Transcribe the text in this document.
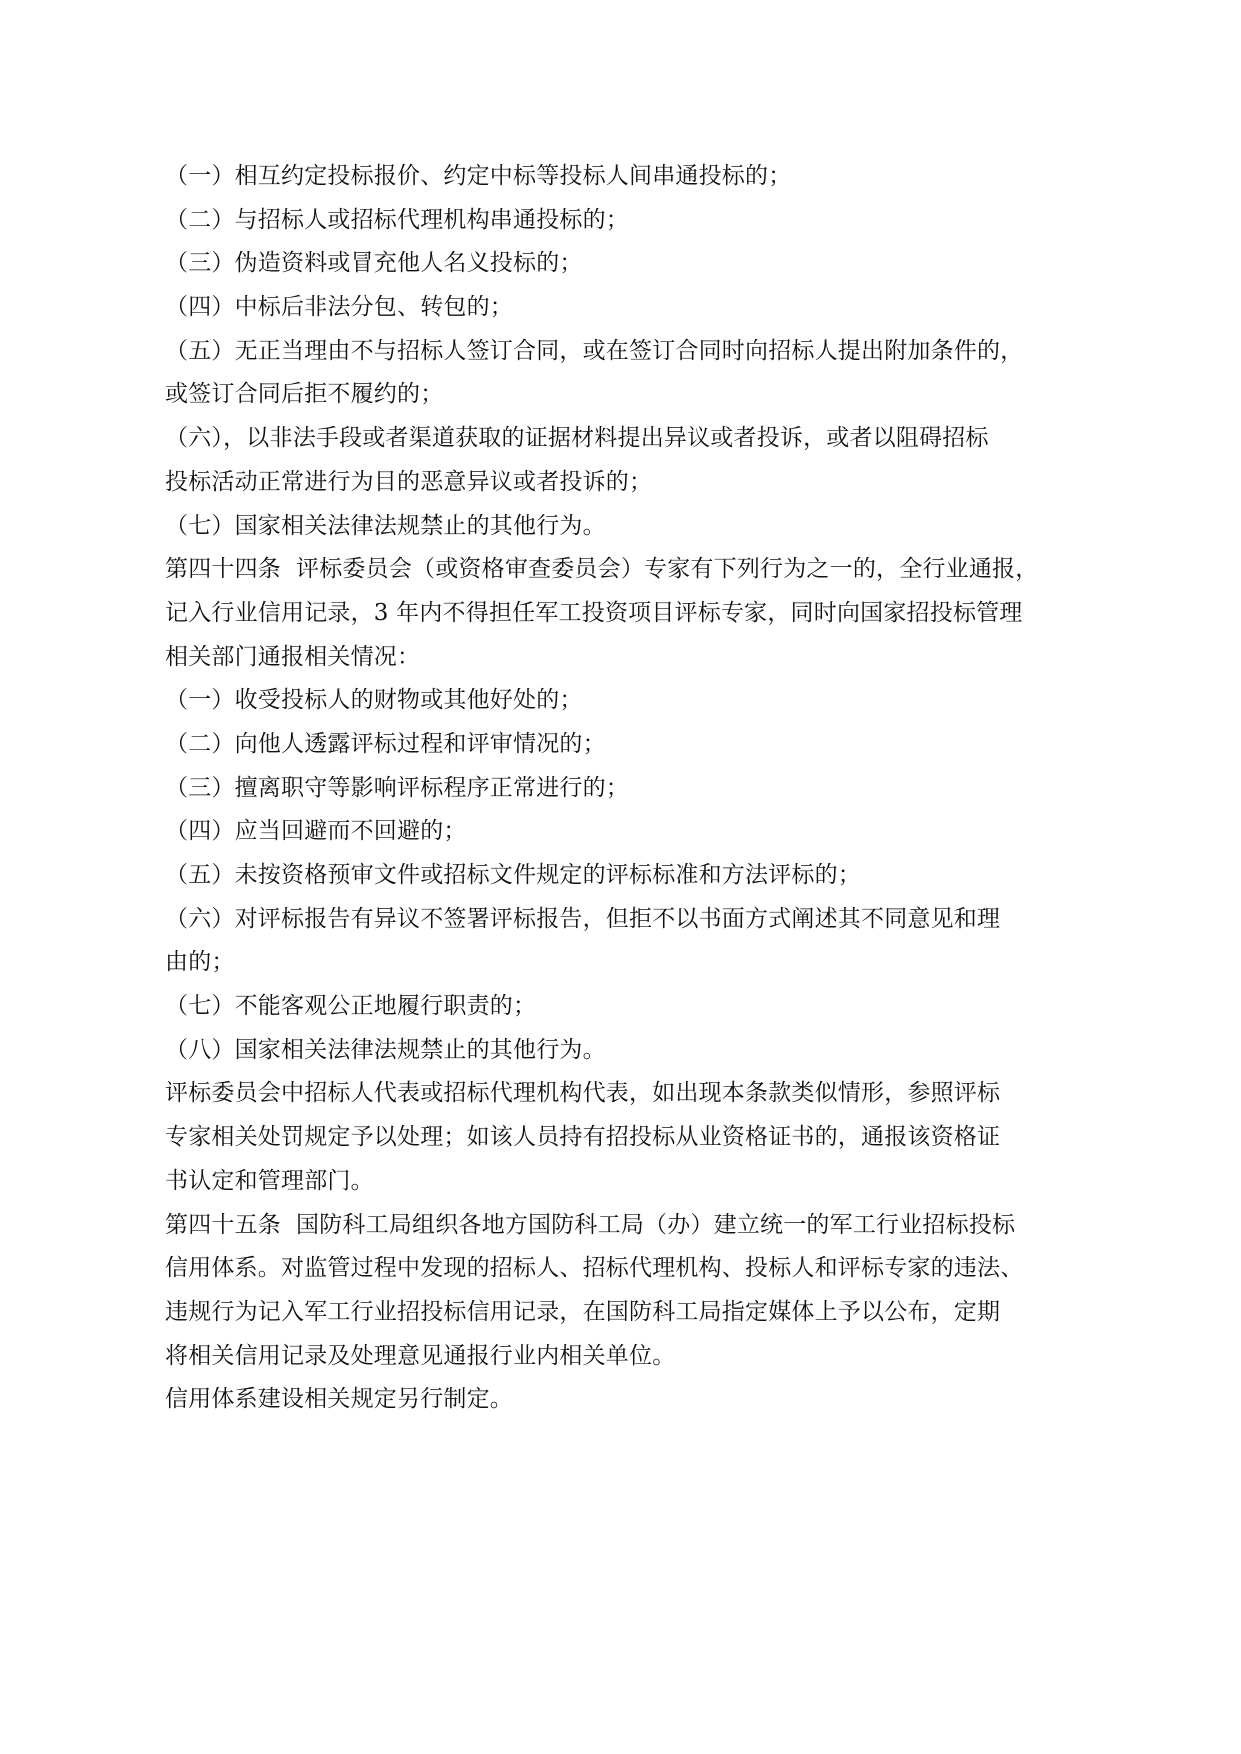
（一）相互约定投标报价、约定中标等投标人间串通投标的；

（二）与招标人或招标代理机构串通投标的；

（三）伪造资料或冒充他人名义投标的；

（四）中标后非法分包、转包的；

（五）无正当理由不与招标人签订合同，或在签订合同时向招标人提出附加条件的，

或签订合同后拒不履约的；

（六），以非法手段或者渠道获取的证据材料提出异议或者投诉，或者以阻碍招标

投标活动正常进行为目的恶意异议或者投诉的；

（七）国家相关法律法规禁止的其他行为。

第四十四条  评标委员会（或资格审查委员会）专家有下列行为之一的，全行业通报，

记入行业信用记录，3 年内不得担任军工投资项目评标专家，同时向国家招投标管理

相关部门通报相关情况：

（一）收受投标人的财物或其他好处的；

（二）向他人透露评标过程和评审情况的；

（三）擅离职守等影响评标程序正常进行的；

（四）应当回避而不回避的；

（五）未按资格预审文件或招标文件规定的评标标准和方法评标的；

（六）对评标报告有异议不签署评标报告，但拒不以书面方式阐述其不同意见和理

由的；

（七）不能客观公正地履行职责的；

（八）国家相关法律法规禁止的其他行为。

评标委员会中招标人代表或招标代理机构代表，如出现本条款类似情形，参照评标

专家相关处罚规定予以处理；如该人员持有招投标从业资格证书的，通报该资格证

书认定和管理部门。

第四十五条  国防科工局组织各地方国防科工局（办）建立统一的军工行业招标投标

信用体系。对监管过程中发现的招标人、招标代理机构、投标人和评标专家的违法、

违规行为记入军工行业招投标信用记录，在国防科工局指定媒体上予以公布，定期

将相关信用记录及处理意见通报行业内相关单位。

信用体系建设相关规定另行制定。
